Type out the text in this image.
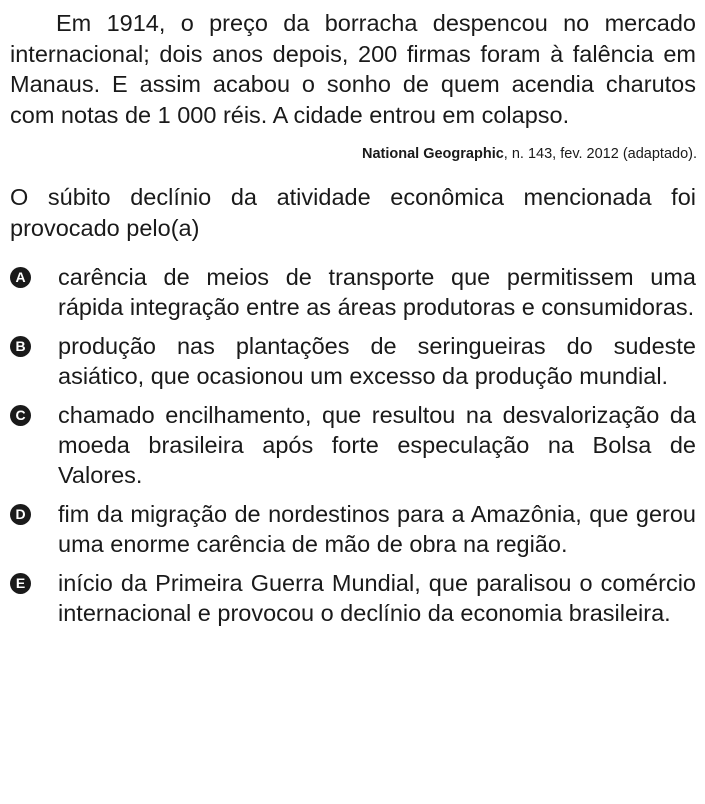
Em 1914, o preço da borracha despencou no mercado internacional; dois anos depois, 200 firmas foram à falência em Manaus. E assim acabou o sonho de quem acendia charutos com notas de 1 000 réis. A cidade entrou em colapso.

National Geographic, n. 143, fev. 2012 (adaptado).

O súbito declínio da atividade econômica mencionada foi provocado pelo(a)

A carência de meios de transporte que permitissem uma rápida integração entre as áreas produtoras e consumidoras.

B produção nas plantações de seringueiras do sudeste asiático, que ocasionou um excesso da produção mundial.

C chamado encilhamento, que resultou na desvalorização da moeda brasileira após forte especulação na Bolsa de Valores.

D fim da migração de nordestinos para a Amazônia, que gerou uma enorme carência de mão de obra na região.

E início da Primeira Guerra Mundial, que paralisou o comércio internacional e provocou o declínio da economia brasileira.
